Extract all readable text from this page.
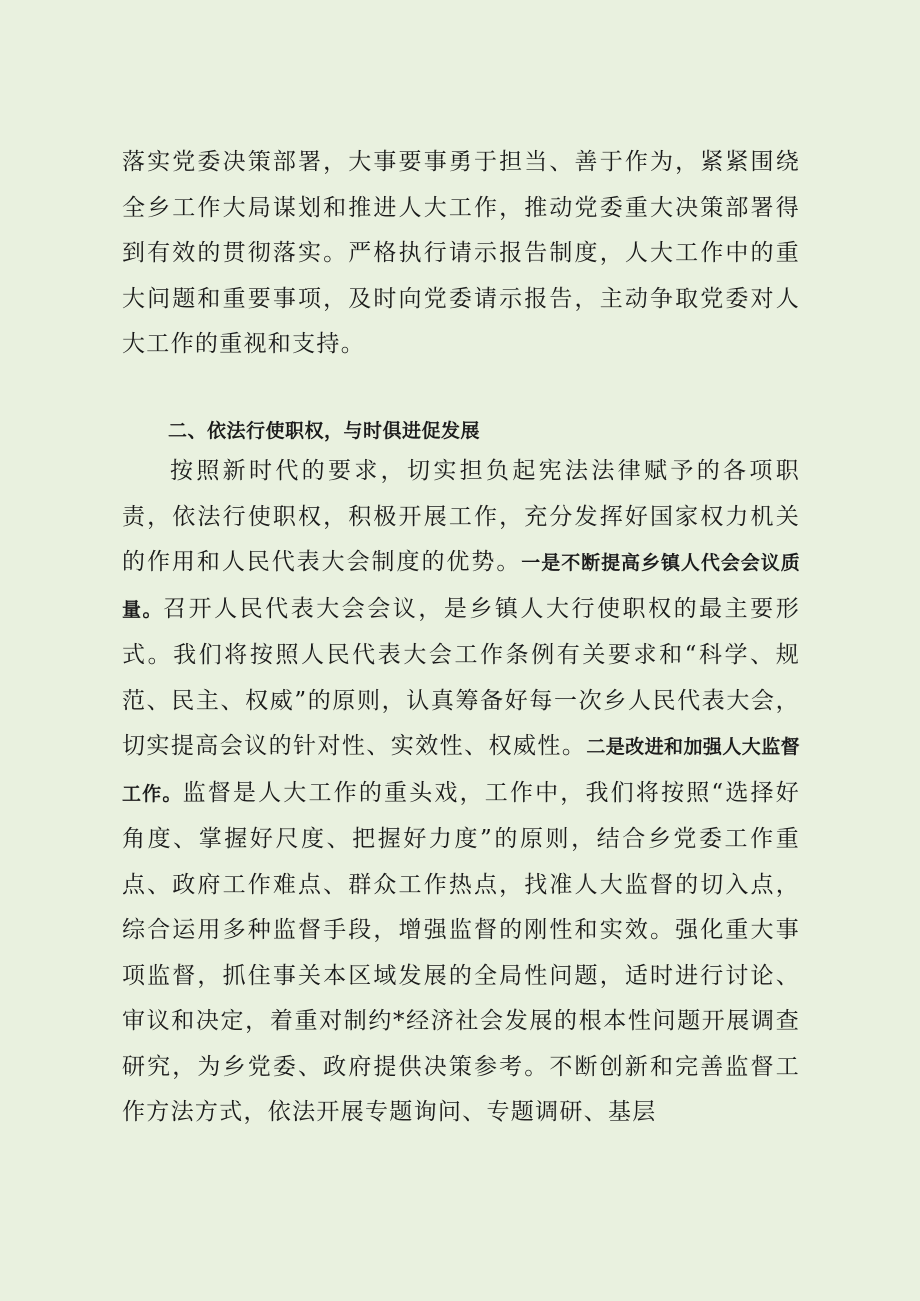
落实党委决策部署，大事要事勇于担当、善于作为，紧紧围绕全乡工作大局谋划和推进人大工作，推动党委重大决策部署得到有效的贯彻落实。严格执行请示报告制度，人大工作中的重大问题和重要事项，及时向党委请示报告，主动争取党委对人大工作的重视和支持。
二、依法行使职权，与时俱进促发展
按照新时代的要求，切实担负起宪法法律赋予的各项职责，依法行使职权，积极开展工作，充分发挥好国家权力机关的作用和人民代表大会制度的优势。一是不断提高乡镇人代会会议质量。召开人民代表大会会议，是乡镇人大行使职权的最主要形式。我们将按照人民代表大会工作条例有关要求和“科学、规范、民主、权威”的原则，认真筹备好每一次乡人民代表大会，切实提高会议的针对性、实效性、权威性。二是改进和加强人大监督工作。监督是人大工作的重头戏，工作中，我们将按照“选择好角度、掌握好尺度、把握好力度”的原则，结合乡党委工作重点、政府工作难点、群众工作热点，找准人大监督的切入点，综合运用多种监督手段，增强监督的刚性和实效。强化重大事项监督，抓住事关本区域发展的全局性问题，适时进行讨论、审议和决定，着重对制约*经济社会发展的根本性问题开展调查研究，为乡党委、政府提供决策参考。不断创新和完善监督工作方法方式，依法开展专题询问、专题调研、基层
